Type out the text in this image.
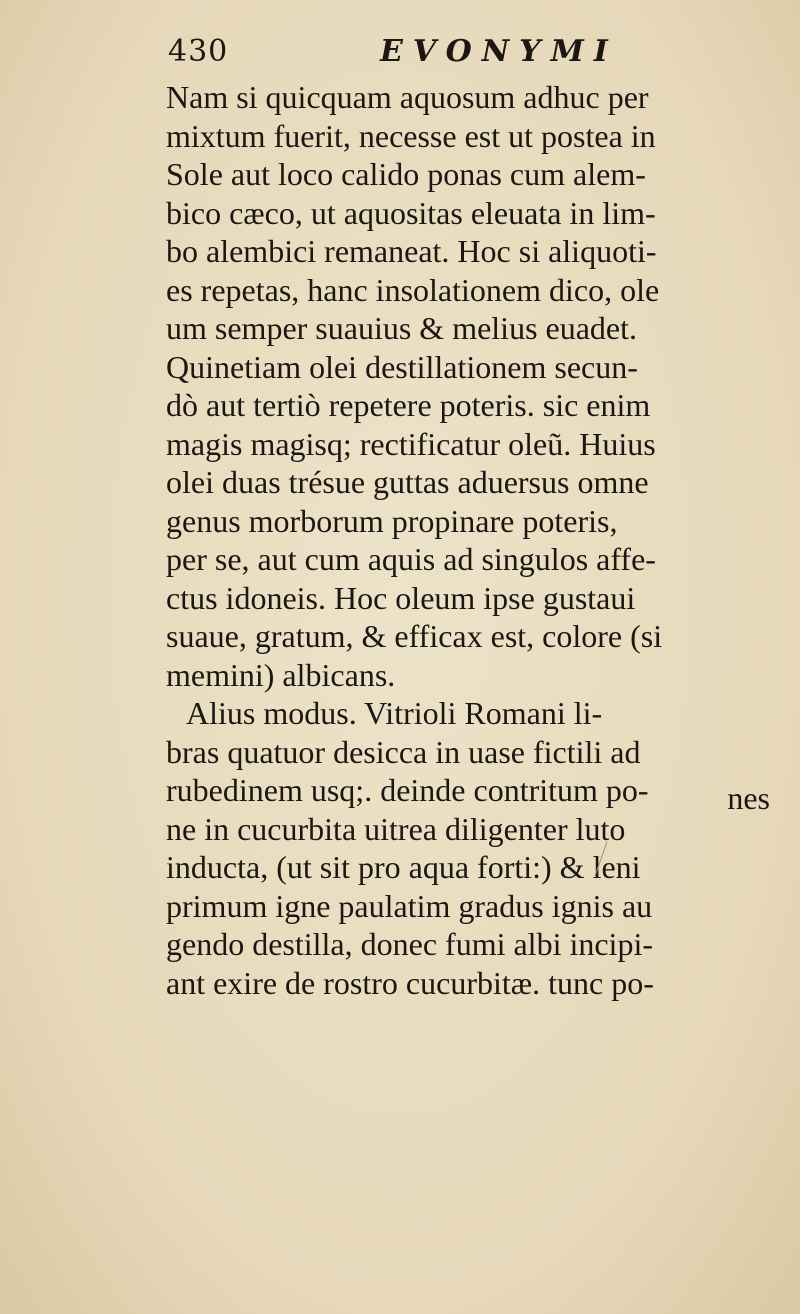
430	EVONYMI
Nam si quicquam aquosum adhuc per
mixtum fuerit, necesse est ut postea in
Sole aut loco calido ponas cum alem-
bico cæco, ut aquositas eleuata in lim-
bo alembici remaneat. Hoc si aliquoti-
es repetas, hanc insolationem dico, ole
um semper suauius & melius euadet.
Quinetiam olei destillationem secun-
dò aut tertiò repetere poteris. sic enim
magis magisq; rectificatur oleũ. Huius
olei duas trésue guttas aduersus omne
genus morborum propinare poteris,
per se, aut cum aquis ad singulos affe-
ctus idoneis. Hoc oleum ipse gustaui
suaue, gratum, & efficax est, colore (si
memini) albicans.
Alius modus. Vitrioli Romani li-
bras quatuor desicca in uase fictili ad
rubedinem usq;. deinde contritum po-
ne in cucurbita uitrea diligenter luto
inducta, (ut sit pro aqua forti:) & leni
primum igne paulatim gradus ignis au
gendo destilla, donec fumi albi incipi-
ant exire de rostro cucurbitæ. tunc po-
nes
